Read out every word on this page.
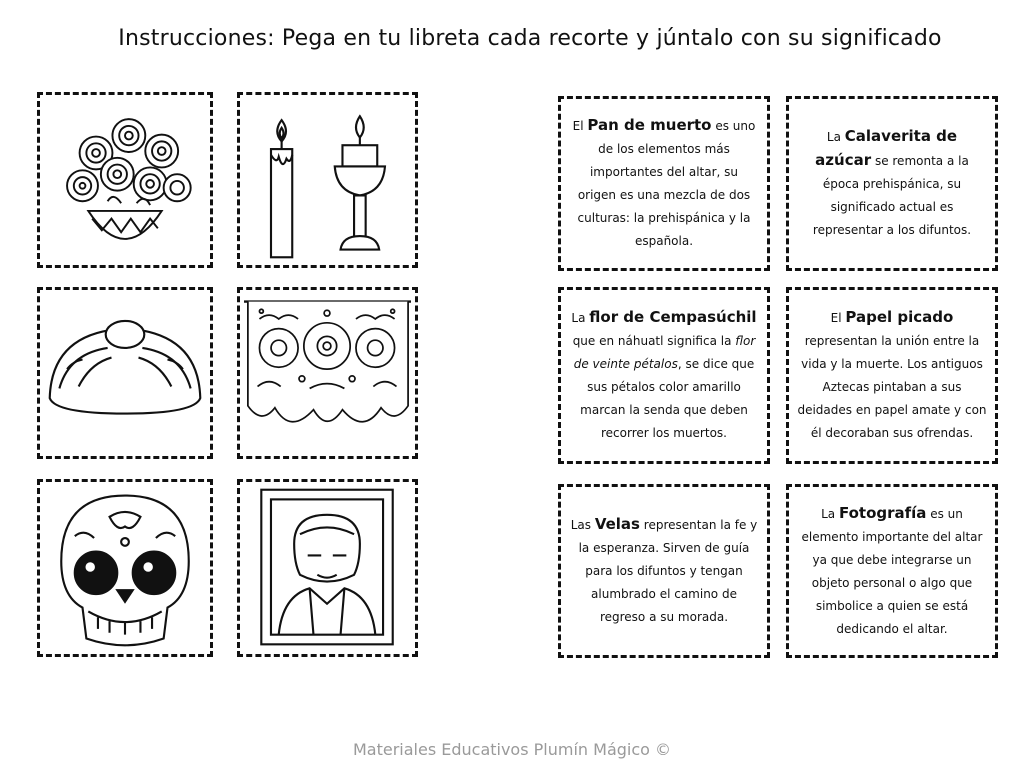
Instrucciones: Pega en tu libreta cada recorte y júntalo con su significado

El Pan de muerto es uno de los elementos más importantes del altar, su origen es una mezcla de dos culturas: la prehispánica y la española.

La Calaverita de azúcar se remonta a la época prehispánica, su significado actual es representar a los difuntos.

La flor de Cempasúchil que en náhuatl significa la flor de veinte pétalos, se dice que sus pétalos color amarillo marcan la senda que deben recorrer los muertos.

El Papel picado representan la unión entre la vida y la muerte. Los antiguos Aztecas pintaban a sus deidades en papel amate y con él decoraban sus ofrendas.

Las Velas representan la fe y la esperanza. Sirven de guía para los difuntos y tengan alumbrado el camino de regreso a su morada.

La Fotografía es un elemento importante del altar ya que debe integrarse un objeto personal o algo que simbolice a quien se está dedicando el altar.

Materiales Educativos Plumín Mágico ©
